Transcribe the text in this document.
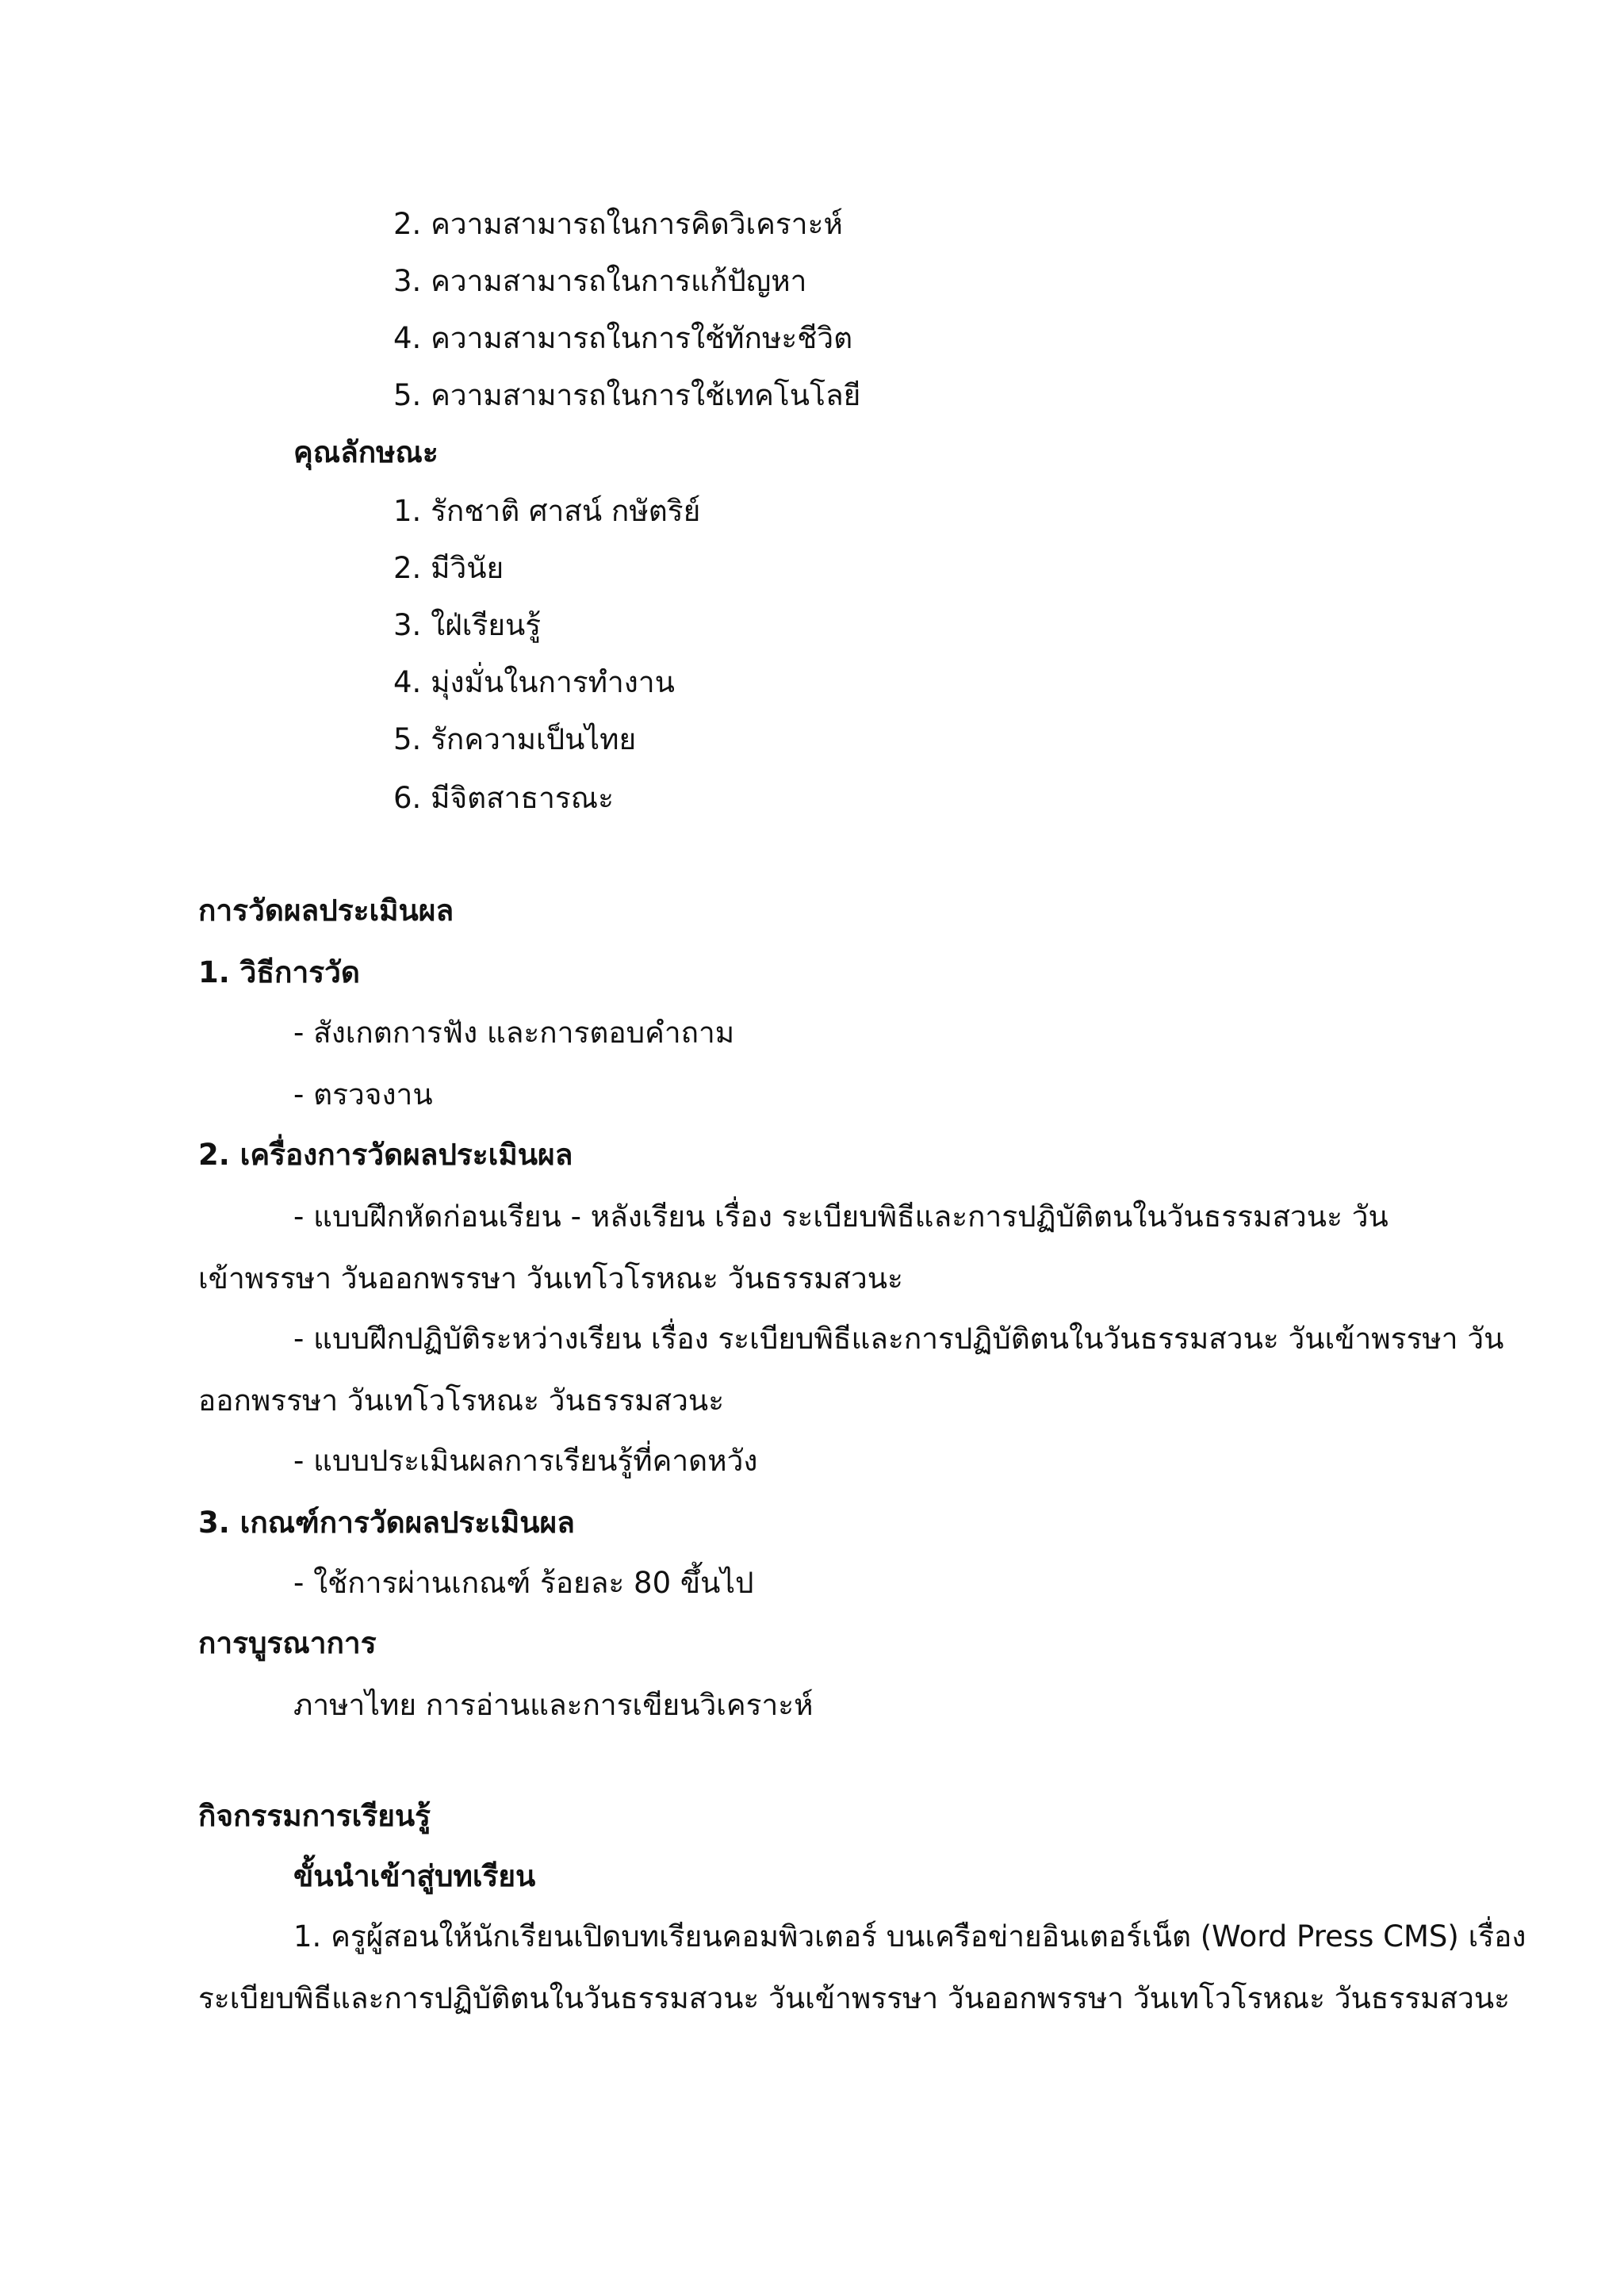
2. ความสามารถในการคิดวิเคราะห์

3. ความสามารถในการแก้ปัญหา

4. ความสามารถในการใช้ทักษะชีวิต

5. ความสามารถในการใช้เทคโนโลยี

คุณลักษณะ

1. รักชาติ ศาสน์ กษัตริย์

2. มีวินัย

3. ใฝ่เรียนรู้

4. มุ่งมั่นในการทำงาน

5. รักความเป็นไทย

6. มีจิตสาธารณะ

การวัดผลประเมินผล

1. วิธีการวัด

- สังเกตการฟัง และการตอบคำถาม

- ตรวจงาน

2. เครื่องการวัดผลประเมินผล

- แบบฝึกหัดก่อนเรียน - หลังเรียน เรื่อง ระเบียบพิธีและการปฏิบัติตนในวันธรรมสวนะ วัน

เข้าพรรษา วันออกพรรษา วันเทโวโรหณะ วันธรรมสวนะ

- แบบฝึกปฏิบัติระหว่างเรียน เรื่อง ระเบียบพิธีและการปฏิบัติตนในวันธรรมสวนะ วันเข้าพรรษา วัน

ออกพรรษา วันเทโวโรหณะ วันธรรมสวนะ

- แบบประเมินผลการเรียนรู้ที่คาดหวัง

3. เกณฑ์การวัดผลประเมินผล

- ใช้การผ่านเกณฑ์ ร้อยละ 80 ขึ้นไป

การบูรณาการ

ภาษาไทย การอ่านและการเขียนวิเคราะห์

กิจกรรมการเรียนรู้

ขั้นนำเข้าสู่บทเรียน

1. ครูผู้สอนให้นักเรียนเปิดบทเรียนคอมพิวเตอร์ บนเครือข่ายอินเตอร์เน็ต (Word Press CMS) เรื่อง

ระเบียบพิธีและการปฏิบัติตนในวันธรรมสวนะ วันเข้าพรรษา วันออกพรรษา วันเทโวโรหณะ วันธรรมสวนะ
